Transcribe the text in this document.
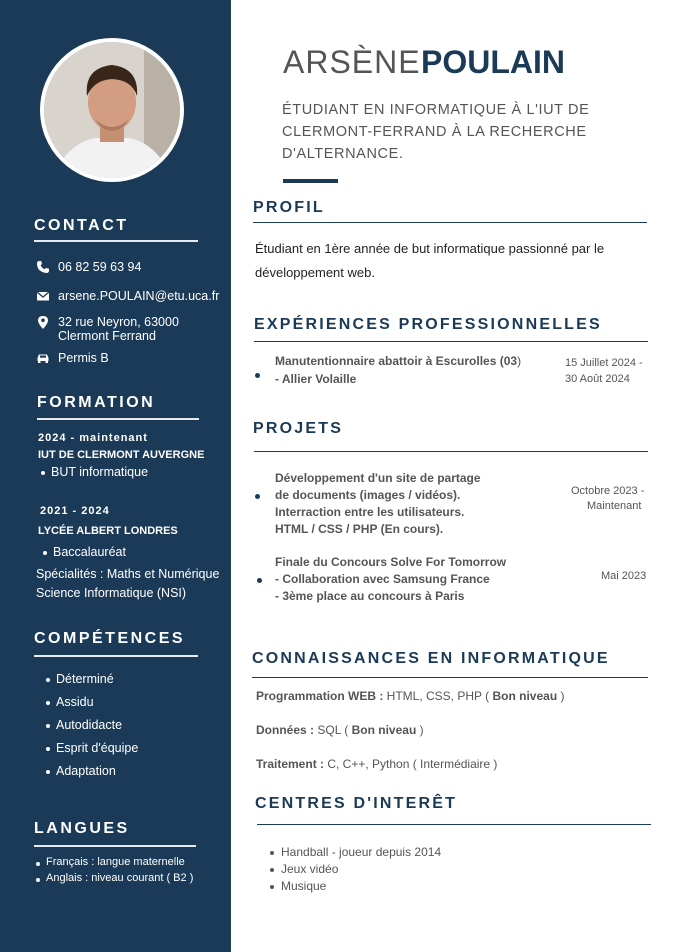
CONTACT
06 82 59 63 94
arsene.POULAIN@etu.uca.fr
32 rue Neyron, 63000
Clermont Ferrand
Permis B
FORMATION
2024 - maintenant
IUT DE CLERMONT AUVERGNE
BUT informatique
2021 - 2024
LYCÉE ALBERT LONDRES
Baccalauréat
Spécialités : Maths et Numérique
Science Informatique (NSI)
COMPÉTENCES
Déterminé
Assidu
Autodidacte
Esprit d'équipe
Adaptation
LANGUES
Français : langue maternelle
Anglais : niveau courant ( B2 )
ARSÈNE POULAIN
ÉTUDIANT EN INFORMATIQUE À L'IUT DE
CLERMONT-FERRAND À LA RECHERCHE
D'ALTERNANCE.
PROFIL
Étudiant en 1ère année de but informatique passionné par le
développement web.
EXPÉRIENCES PROFESSIONNELLES
Manutentionnaire abattoir à Escurolles (03)
- Allier Volaille
15 Juillet 2024 -
30 Août 2024
PROJETS
Développement d'un site de partage
de documents (images / vidéos).
Interraction entre les utilisateurs.
HTML / CSS / PHP (En cours).
Octobre 2023 -
Maintenant
Finale du Concours Solve For Tomorrow
- Collaboration avec Samsung France
- 3ème place au concours à Paris
Mai 2023
CONNAISSANCES EN INFORMATIQUE
Programmation WEB : HTML, CSS, PHP ( Bon niveau )
Données : SQL ( Bon niveau )
Traitement : C, C++, Python ( Intermédiaire )
CENTRES D'INTERÊT
Handball - joueur depuis 2014
Jeux vidéo
Musique
